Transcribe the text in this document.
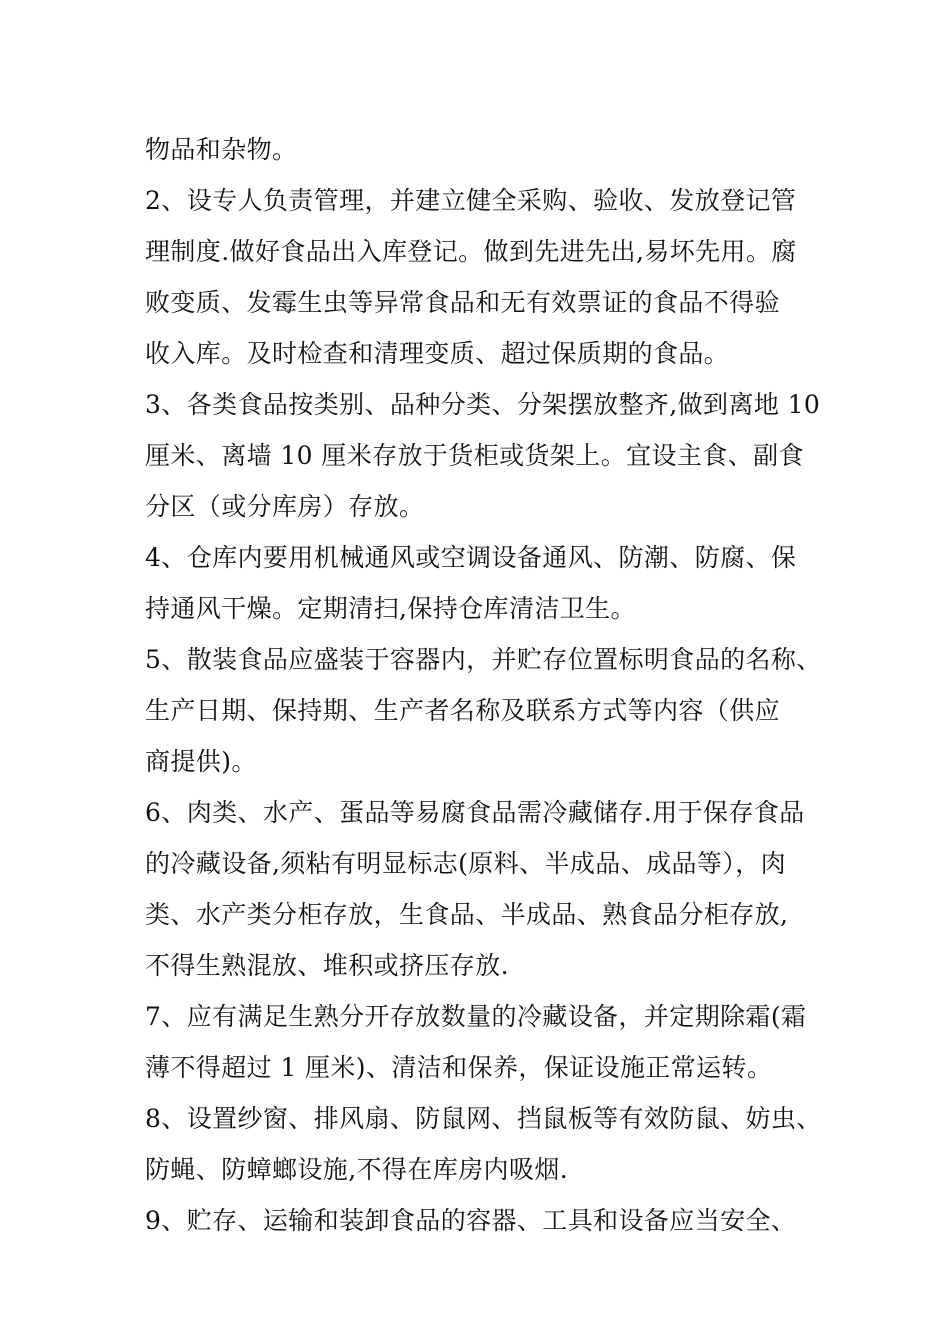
物品和杂物。
2、设专人负责管理，并建立健全采购、验收、发放登记管
理制度.做好食品出入库登记。做到先进先出,易坏先用。腐
败变质、发霉生虫等异常食品和无有效票证的食品不得验
收入库。及时检查和清理变质、超过保质期的食品。
3、各类食品按类别、品种分类、分架摆放整齐,做到离地 10
厘米、离墙 10 厘米存放于货柜或货架上。宜设主食、副食
分区（或分库房）存放。
4、仓库内要用机械通风或空调设备通风、防潮、防腐、保
持通风干燥。定期清扫,保持仓库清洁卫生。
5、散装食品应盛装于容器内，并贮存位置标明食品的名称、
生产日期、保持期、生产者名称及联系方式等内容（供应
商提供)。
6、肉类、水产、蛋品等易腐食品需冷藏储存.用于保存食品
的冷藏设备,须粘有明显标志(原料、半成品、成品等），肉
类、水产类分柜存放，生食品、半成品、熟食品分柜存放,
不得生熟混放、堆积或挤压存放.
7、应有满足生熟分开存放数量的冷藏设备，并定期除霜(霜
薄不得超过 1 厘米)、清洁和保养，保证设施正常运转。
8、设置纱窗、排风扇、防鼠网、挡鼠板等有效防鼠、妨虫、
防蝇、防蟑螂设施,不得在库房内吸烟.
9、贮存、运输和装卸食品的容器、工具和设备应当安全、
